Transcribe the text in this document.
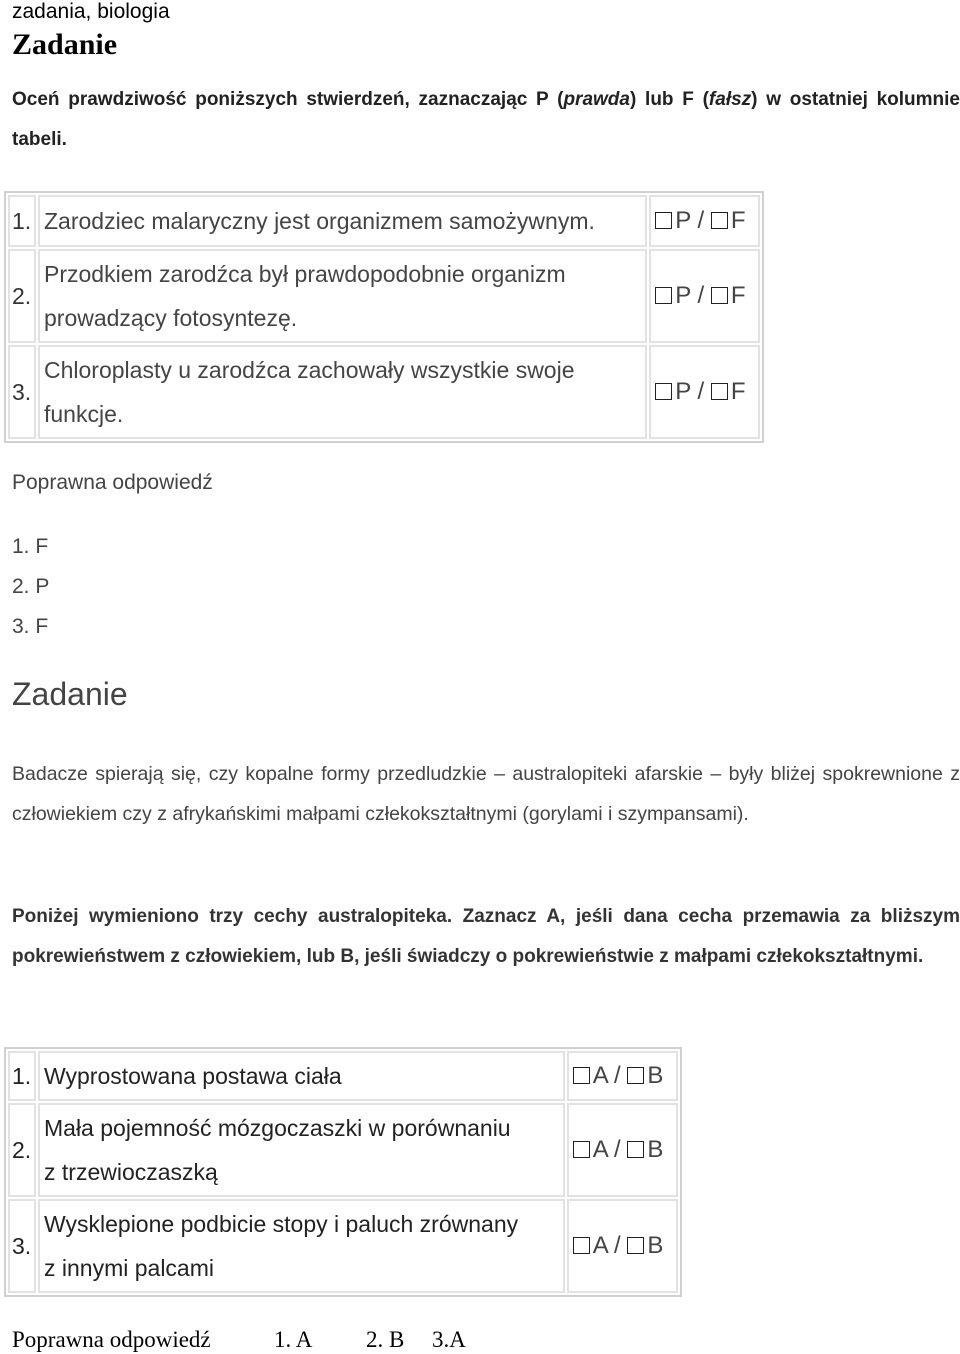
zadania, biologia
Zadanie
Oceń prawdziwość poniższych stwierdzeń, zaznaczając P (prawda) lub F (fałsz) w ostatniej kolumnie tabeli.
1.	Zarodziec malaryczny jest organizmem samożywnym.	P / F
2.	Przodkiem zarodźca był prawdopodobnie organizm
prowadzący fotosyntezę.	P / F
3.	Chloroplasty u zarodźca zachowały wszystkie swoje
funkcje.	P / F
Poprawna odpowiedź
1. F
2. P
3. F
Zadanie
Badacze spierają się, czy kopalne formy przedludzkie – australopiteki afarskie – były bliżej spokrewnione z człowiekiem czy z afrykańskimi małpami człekokształtnymi (gorylami i szympansami).
Poniżej wymieniono trzy cechy australopiteka. Zaznacz A, jeśli dana cecha przemawia za bliższym pokrewieństwem z człowiekiem, lub B, jeśli świadczy o pokrewieństwie z małpami człekokształtnymi.
1.	Wyprostowana postawa ciała	A / B
2.	Mała pojemność mózgoczaszki w porównaniu
z trzewioczaszką	A / B
3.	Wysklepione podbicie stopy i paluch zrównany
z innymi palcami	A / B
Poprawna odpowiedź	1. A 2. B 3.A
